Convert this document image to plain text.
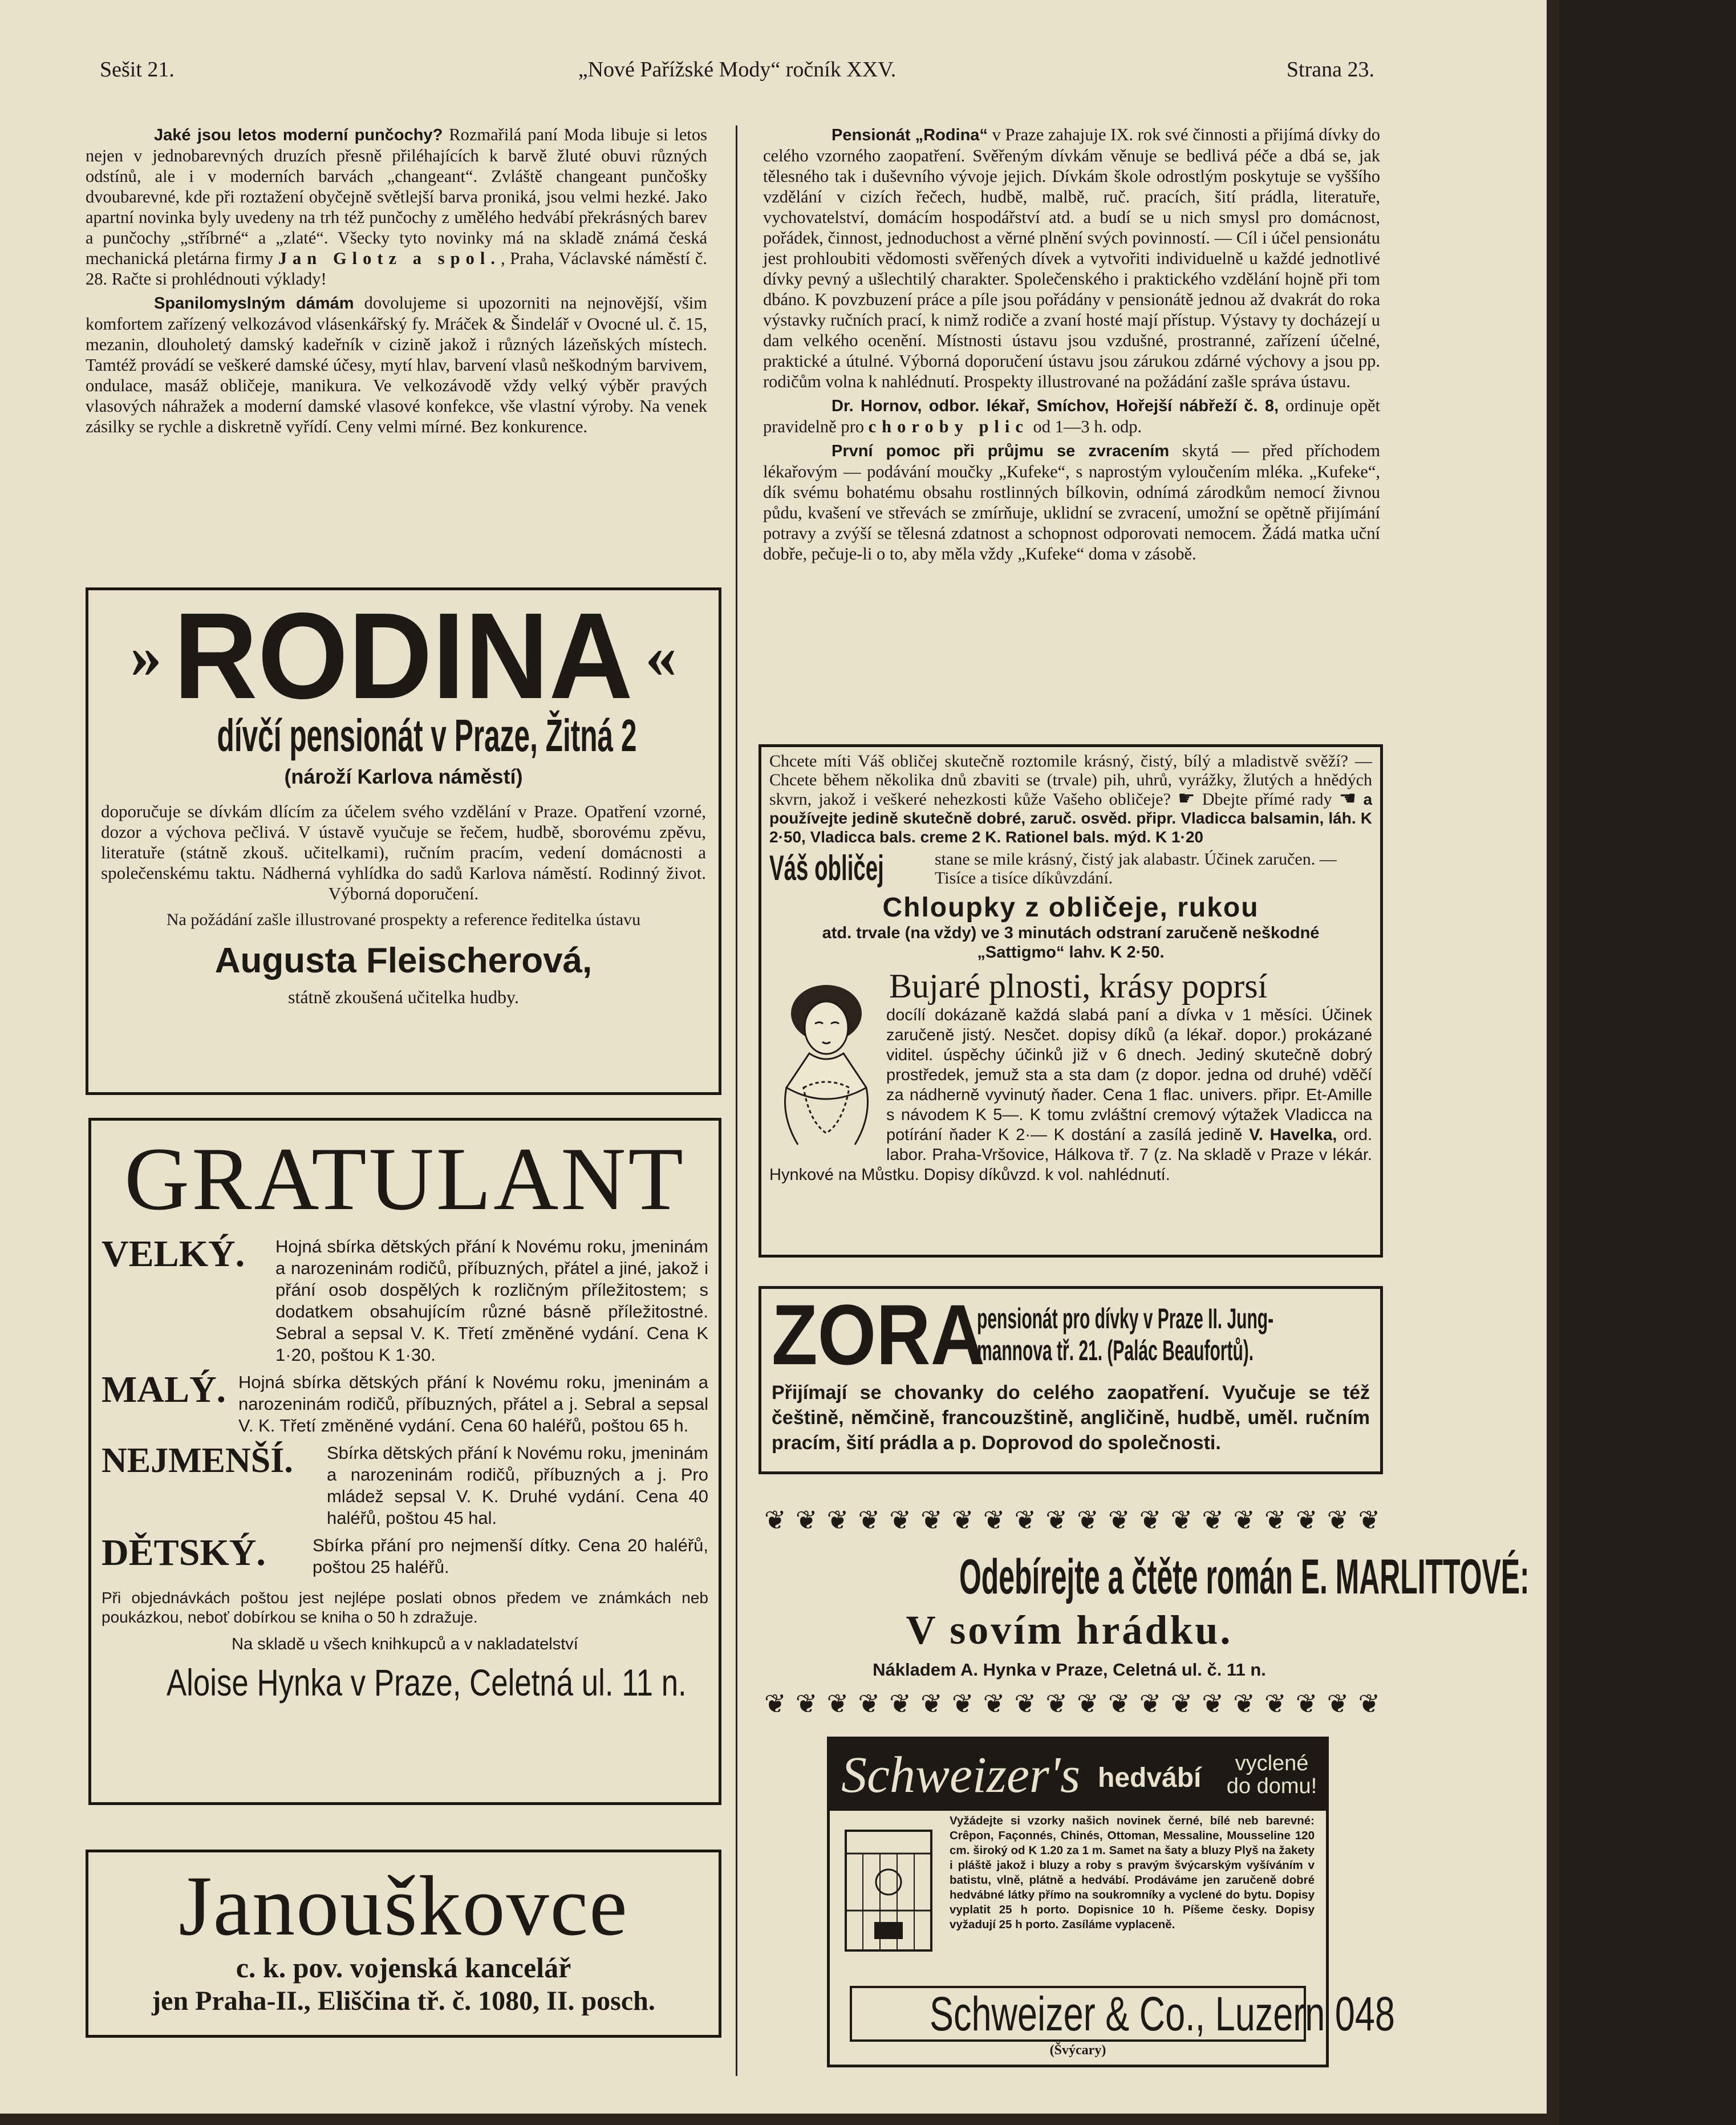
Sešit 21.	„Nové Pařížské Mody“ ročník XXV.	Strana 23.

Jaké jsou letos moderní punčochy? Rozmařilá paní Moda libuje si letos nejen v jednobarevných druzích přesně přiléhajících k barvě žluté obuvi různých odstínů, ale i v moderních barvách „changeant“. Zvláště changeant punčošky dvoubarevné, kde při roztažení obyčejně světlejší barva proniká, jsou velmi hezké. Jako apartní novinka byly uvedeny na trh též punčochy z umělého hedvábí překrásných barev a punčochy „stříbrné“ a „zlaté“. Všecky tyto novinky má na skladě známá česká mechanická pletárna firmy Jan Glotz a spol., Praha, Václavské náměstí č. 28. Račte si prohlédnouti výklady!

Spanilomyslným dámám dovolujeme si upozorniti na nejnovější, všim komfortem zařízený velkozávod vlásenkářský fy. Mráček & Šindelář v Ovocné ul. č. 15, mezanin, dlouholetý damský kadeřník v cizině jakož i různých lázeňských místech. Tamtéž provádí se veškeré damské účesy, mytí hlav, barvení vlasů neškodným barvivem, ondulace, masáž obličeje, manikura. Ve velkozávodě vždy velký výběr pravých vlasových náhražek a moderní damské vlasové konfekce, vše vlastní výroby. Na venek zásilky se rychle a diskretně vyřídí. Ceny velmi mírné. Bez konkurence.

» RODINA «
dívčí pensionát v Praze, Žitná 2
(nároží Karlova náměstí)
doporučuje se dívkám dlícím za účelem svého vzdělání v Praze. Opatření vzorné, dozor a výchova pečlivá. V ústavě vyučuje se řečem, hudbě, sborovému zpěvu, literatuře (státně zkouš. učitelkami), ručním pracím, vedení domácnosti a společenskému taktu. Nádherná vyhlídka do sadů Karlova náměstí. Rodinný život. Výborná doporučení.
Na požádání zašle illustrované prospekty a reference ředitelka ústavu
Augusta Fleischerová,
státně zkoušená učitelka hudby.
GRATULANT
VELKÝ.	Hojná sbírka dětských přání k Novému roku, jmeninám a narozeninám rodičů, příbuzných, přátel a jiné, jakož i přání osob dospělých k rozličným příležitostem; s dodatkem obsahujícím různé básně příležitostné. Sebral a sepsal V. K. Třetí změněné vydání. Cena K 1·20, poštou K 1·30.
MALÝ. Hojná sbírka dětských přání k Novému roku, jmeninám a narozeninám rodičů, příbuzných, přátel a j. Sebral a sepsal V. K. Třetí změněné vydání. Cena 60 haléřů, poštou 65 h.
NEJMENŠÍ.	Sbírka dětských přání k Novému roku, jmeninám a narozeninám rodičů, příbuzných a j. Pro mládež sepsal V. K. Druhé vydání. Cena 40 haléřů, poštou 45 hal.
DĚTSKÝ.	Sbírka přání pro nejmenší dítky. Cena 20 haléřů, poštou 25 haléřů.
Při objednávkách poštou jest nejlépe poslati obnos předem ve známkách neb poukázkou, neboť dobírkou se kniha o 50 h zdražuje.
Na skladě u všech knihkupců a v nakladatelství
Aloise Hynka v Praze, Celetná ul. 11 n.
Janouškovce
c. k. pov. vojenská kancelář
jen Praha-II., Eliščina tř. č. 1080, II. posch.

Pensionát „Rodina“ v Praze zahajuje IX. rok své činnosti a přijímá dívky do celého vzorného zaopatření. Svěřeným dívkám věnuje se bedlivá péče a dbá se, jak tělesného tak i duševního vývoje jejich. Dívkám škole odrostlým poskytuje se vyššího vzdělání v cizích řečech, hudbě, malbě, ruč. pracích, šití prádla, literatuře, vychovatelství, domácím hospodářství atd. a budí se u nich smysl pro domácnost, pořádek, činnost, jednoduchost a věrné plnění svých povinností. — Cíl i účel pensionátu jest prohloubiti vědomosti svěřených dívek a vytvořiti individuelně u každé jednotlivé dívky pevný a ušlechtilý charakter. Společenského i praktického vzdělání hojně při tom dbáno. K povzbuzení práce a píle jsou pořádány v pensionátě jednou až dvakrát do roka výstavky ručních prací, k nimž rodiče a zvaní hosté mají přístup. Výstavy ty docházejí u dam velkého ocenění. Místnosti ústavu jsou vzdušné, prostranné, zařízení účelné, praktické a útulné. Výborná doporučení ústavu jsou zárukou zdárné výchovy a jsou pp. rodičům volna k nahlédnutí. Prospekty illustrované na požádání zašle správa ústavu.

Dr. Hornov, odbor. lékař, Smíchov, Hořejší nábřeží č. 8, ordinuje opět pravidelně pro choroby plic od 1—3 h. odp.

První pomoc při průjmu se zvracením skytá — před příchodem lékařovým — podávání moučky „Kufeke“, s naprostým vyloučením mléka. „Kufeke“, dík svému bohatému obsahu rostlinných bílkovin, odnímá zárodkům nemocí živnou půdu, kvašení ve střevách se zmírňuje, uklidní se zvracení, umožní se opětně přijímání potravy a zvýší se tělesná zdatnost a schopnost odporovati nemocem. Žádá matka uční dobře, pečuje-li o to, aby měla vždy „Kufeke“ doma v zásobě.

Chcete míti Váš obličej skutečně roztomile krásný, čistý, bílý a mladistvě svěží? — Chcete během několika dnů zbaviti se (trvale) pih, uhrů, vyrážky, žlutých a hnědých skvrn, jakož i veškeré nehezkosti kůže Vašeho obličeje? ☛ Dbejte přímé rady ☚ a používejte jedině skutečně dobré, zaruč. osvěd. připr. Vladicca balsamin, láh. K 2·50, Vladicca bals. creme 2 K. Rationel bals. mýd. K 1·20
Váš obličej	stane se mile krásný, čistý jak alabastr. Účinek zaručen. — Tisíce a tisíce díkůvzdání.
Chloupky z obličeje, rukou
atd. trvale (na vždy) ve 3 minutách odstraní zaručeně neškodné „Sattigmo“ lahv. K 2·50.
Bujaré plnosti, krásy poprsí
docílí dokázaně každá slabá paní a dívka v 1 měsíci. Účinek zaručeně jistý. Nesčet. dopisy díků (a lékař. dopor.) prokázané viditel. úspěchy účinků již v 6 dnech. Jediný skutečně dobrý prostředek, jemuž sta a sta dam (z dopor. jedna od druhé) vděčí za nádherně vyvinutý ňader. Cena 1 flac. univers. připr. Et-Amille s návodem K 5—. K tomu zvláštní cremový výtažek Vladicca na potírání ňader K 2·— K dostání a zasílá jedině V. Havelka, ord. labor. Praha-Vršovice, Hálkova tř. 7 (z. Na skladě v Praze v lékár. Hynkové na Můstku. Dopisy díkůvzd. k vol. nahlédnutí.
ZORA
pensionát pro dívky v Praze II. Jung-
mannova tř. 21. (Palác Beaufortů).
Přijímají se chovanky do celého zaopatření. Vyučuje se též češtině, němčině, francouzštině, angličině, hudbě, uměl. ručním pracím, šití prádla a p. Doprovod do společnosti.
❦ ❦ ❦ ❦ ❦ ❦ ❦ ❦ ❦ ❦ ❦ ❦ ❦ ❦ ❦ ❦ ❦ ❦ ❦ ❦
Odebírejte a čtěte román E. MARLITTOVÉ:
V sovím hrádku.
Nákladem A. Hynka v Praze, Celetná ul. č. 11 n.
❦ ❦ ❦ ❦ ❦ ❦ ❦ ❦ ❦ ❦ ❦ ❦ ❦ ❦ ❦ ❦ ❦ ❦ ❦ ❦
Schweizer's hedvábí	vyclené
do domu!
Vyžádejte si vzorky našich novinek černé, bílé neb barevné: Crêpon, Façonnés, Chinés, Ottoman, Messaline, Mousseline 120 cm. široký od K 1.20 za 1 m. Samet na šaty a bluzy Plyš na žakety i pláště jakož i bluzy a roby s pravým švýcarským vyšíváním v batistu, vlně, plátně a hedvábí. Prodáváme jen zaručeně dobré hedvábné látky přímo na soukromníky a vyclené do bytu. Dopisy vyplatit 25 h porto. Dopisnice 10 h. Píšeme česky. Dopisy vyžadují 25 h porto. Zasíláme vyplaceně.
Schweizer & Co., Luzern 048
(Švýcary)
